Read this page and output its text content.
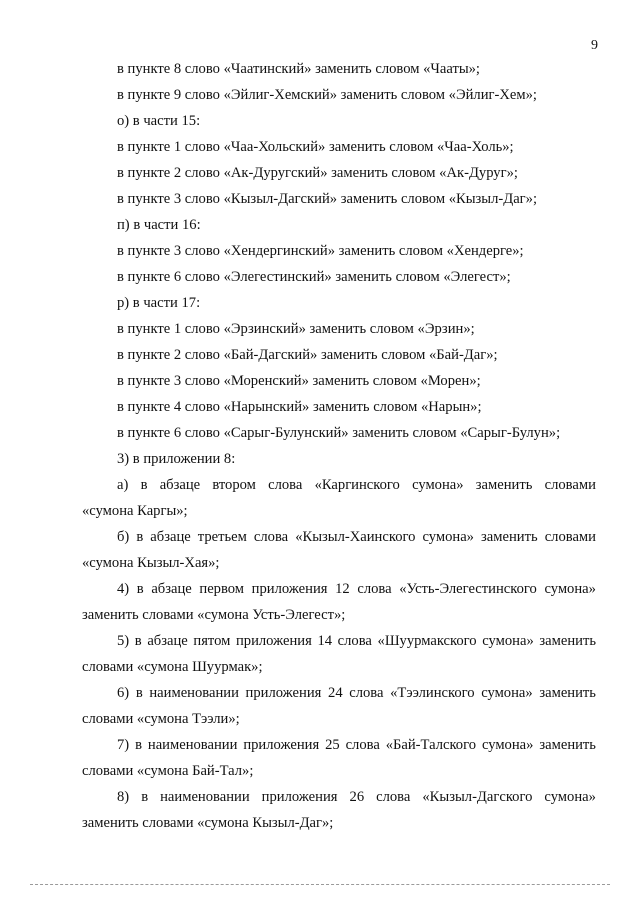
9
в пункте 8 слово «Чаатинский» заменить словом «Чааты»;
в пункте 9 слово «Эйлиг-Хемский» заменить словом «Эйлиг-Хем»;
о) в части 15:
в пункте 1 слово «Чаа-Хольский» заменить словом «Чаа-Холь»;
в пункте 2 слово «Ак-Дуругский» заменить словом «Ак-Дуруг»;
в пункте 3 слово «Кызыл-Дагский» заменить словом «Кызыл-Даг»;
п) в части 16:
в пункте 3 слово «Хендергинский» заменить словом «Хендерге»;
в пункте 6 слово «Элегестинский» заменить словом «Элегест»;
р) в части 17:
в пункте 1 слово «Эрзинский» заменить словом «Эрзин»;
в пункте 2 слово «Бай-Дагский» заменить словом «Бай-Даг»;
в пункте 3 слово «Моренский» заменить словом «Морен»;
в пункте 4 слово «Нарынский» заменить словом «Нарын»;
в пункте 6 слово «Сарыг-Булунский» заменить словом «Сарыг-Булун»;
3) в приложении 8:
а) в абзаце втором слова «Каргинского сумона» заменить словами
«сумона Каргы»;
б) в абзаце третьем слова «Кызыл-Хаинского сумона» заменить словами
«сумона Кызыл-Хая»;
4) в абзаце первом приложения 12 слова «Усть-Элегестинского сумона»
заменить словами «сумона Усть-Элегест»;
5) в абзаце пятом приложения 14 слова «Шуурмакского сумона» заменить
словами «сумона Шуурмак»;
6) в наименовании приложения 24 слова «Тээлинского сумона» заменить
словами «сумона Тээли»;
7) в наименовании приложения 25 слова «Бай-Талского сумона» заменить
словами «сумона Бай-Тал»;
8) в наименовании приложения 26 слова «Кызыл-Дагского сумона»
заменить словами «сумона Кызыл-Даг»;
